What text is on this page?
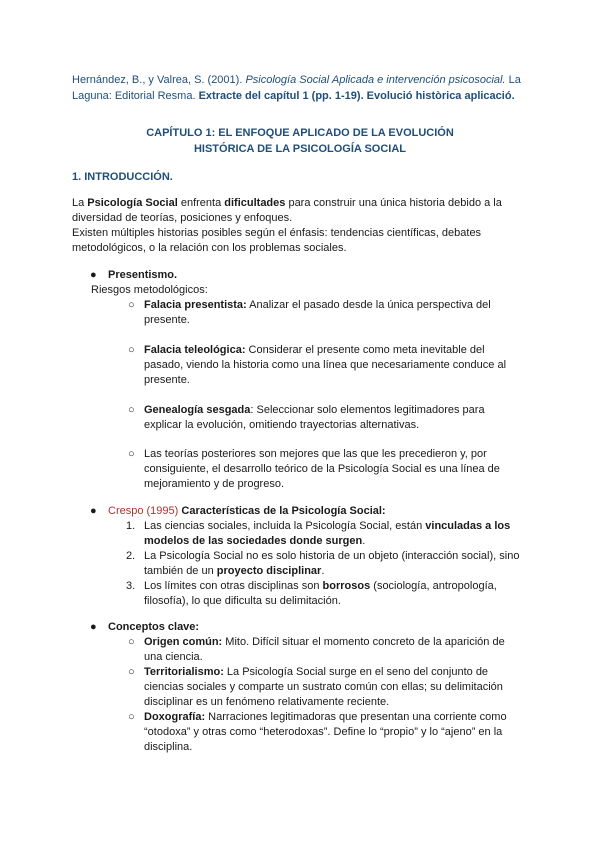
Hernández, B., y Valrea, S. (2001). Psicología Social Aplicada e intervención psicosocial. La Laguna: Editorial Resma. Extracte del capítul 1 (pp. 1-19). Evolució històrica aplicació.
CAPÍTULO 1: EL ENFOQUE APLICADO DE LA EVOLUCIÓN
HISTÓRICA DE LA PSICOLOGÍA SOCIAL
1. INTRODUCCIÓN.
La Psicología Social enfrenta dificultades para construir una única historia debido a la diversidad de teorías, posiciones y enfoques.
Existen múltiples historias posibles según el énfasis: tendencias científicas, debates metodológicos, o la relación con los problemas sociales.
● Presentismo.
Riesgos metodológicos:
○ Falacia presentista: Analizar el pasado desde la única perspectiva del presente.
○ Falacia teleológica: Considerar el presente como meta inevitable del pasado, viendo la historia como una línea que necesariamente conduce al presente.
○ Genealogía sesgada: Seleccionar solo elementos legitimadores para explicar la evolución, omitiendo trayectorias alternativas.
○ Las teorías posteriores son mejores que las que les precedieron y, por consiguiente, el desarrollo teórico de la Psicología Social es una línea de mejoramiento y de progreso.
● Crespo (1995) Características de la Psicología Social:
1. Las ciencias sociales, incluida la Psicología Social, están vinculadas a los modelos de las sociedades donde surgen.
2. La Psicología Social no es solo historia de un objeto (interacción social), sino también de un proyecto disciplinar.
3. Los límites con otras disciplinas son borrosos (sociología, antropología, filosofía), lo que dificulta su delimitación.
● Conceptos clave:
○ Origen común: Mito. Difícil situar el momento concreto de la aparición de una ciencia.
○ Territorialismo: La Psicología Social surge en el seno del conjunto de ciencias sociales y comparte un sustrato común con ellas; su delimitación disciplinar es un fenómeno relativamente reciente.
○ Doxografía: Narraciones legitimadoras que presentan una corriente como “otodoxa” y otras como “heterodoxas”. Define lo “propio” y lo “ajeno” en la disciplina.
